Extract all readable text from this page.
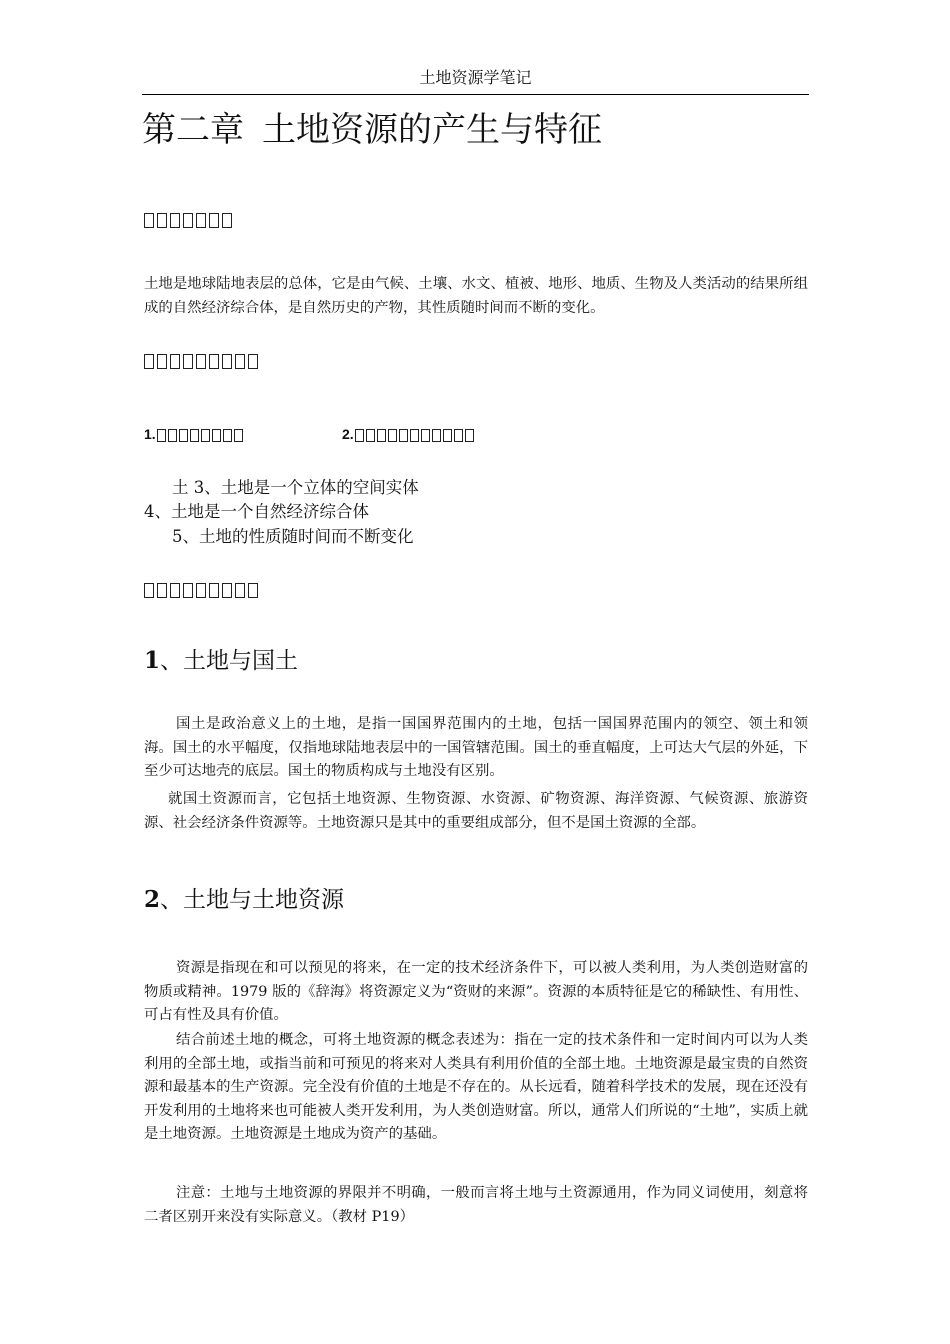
土地资源学笔记
第二章 土地资源的产生与特征

土地是地球陆地表层的总体，它是由气候、土壤、水文、植被、地形、地质、生物及人类活动的结果所组成的自然经济综合体，是自然历史的产物，其性质随时间而不断的变化。

1.	2.

土 3、土地是一个立体的空间实体

4、土地是一个自然经济综合体

5、土地的性质随时间而不断变化

1、土地与国土

国土是政治意义上的土地，是指一国国界范围内的土地，包括一国国界范围内的领空、领土和领海。国土的水平幅度，仅指地球陆地表层中的一国管辖范围。国土的垂直幅度，上可达大气层的外延，下至少可达地壳的底层。国土的物质构成与土地没有区别。

就国土资源而言，它包括土地资源、生物资源、水资源、矿物资源、海洋资源、气候资源、旅游资源、社会经济条件资源等。土地资源只是其中的重要组成部分，但不是国土资源的全部。

2、土地与土地资源

资源是指现在和可以预见的将来，在一定的技术经济条件下，可以被人类利用，为人类创造财富的物质或精神。1979 版的《辞海》将资源定义为“资财的来源”。资源的本质特征是它的稀缺性、有用性、可占有性及具有价值。

结合前述土地的概念，可将土地资源的概念表述为：指在一定的技术条件和一定时间内可以为人类利用的全部土地，或指当前和可预见的将来对人类具有利用价值的全部土地。土地资源是最宝贵的自然资源和最基本的生产资源。完全没有价值的土地是不存在的。从长远看，随着科学技术的发展，现在还没有开发利用的土地将来也可能被人类开发利用，为人类创造财富。所以，通常人们所说的“土地”，实质上就是土地资源。土地资源是土地成为资产的基础。

注意：土地与土地资源的界限并不明确，一般而言将土地与土资源通用，作为同义词使用，刻意将二者区别开来没有实际意义。（教材 P19）
